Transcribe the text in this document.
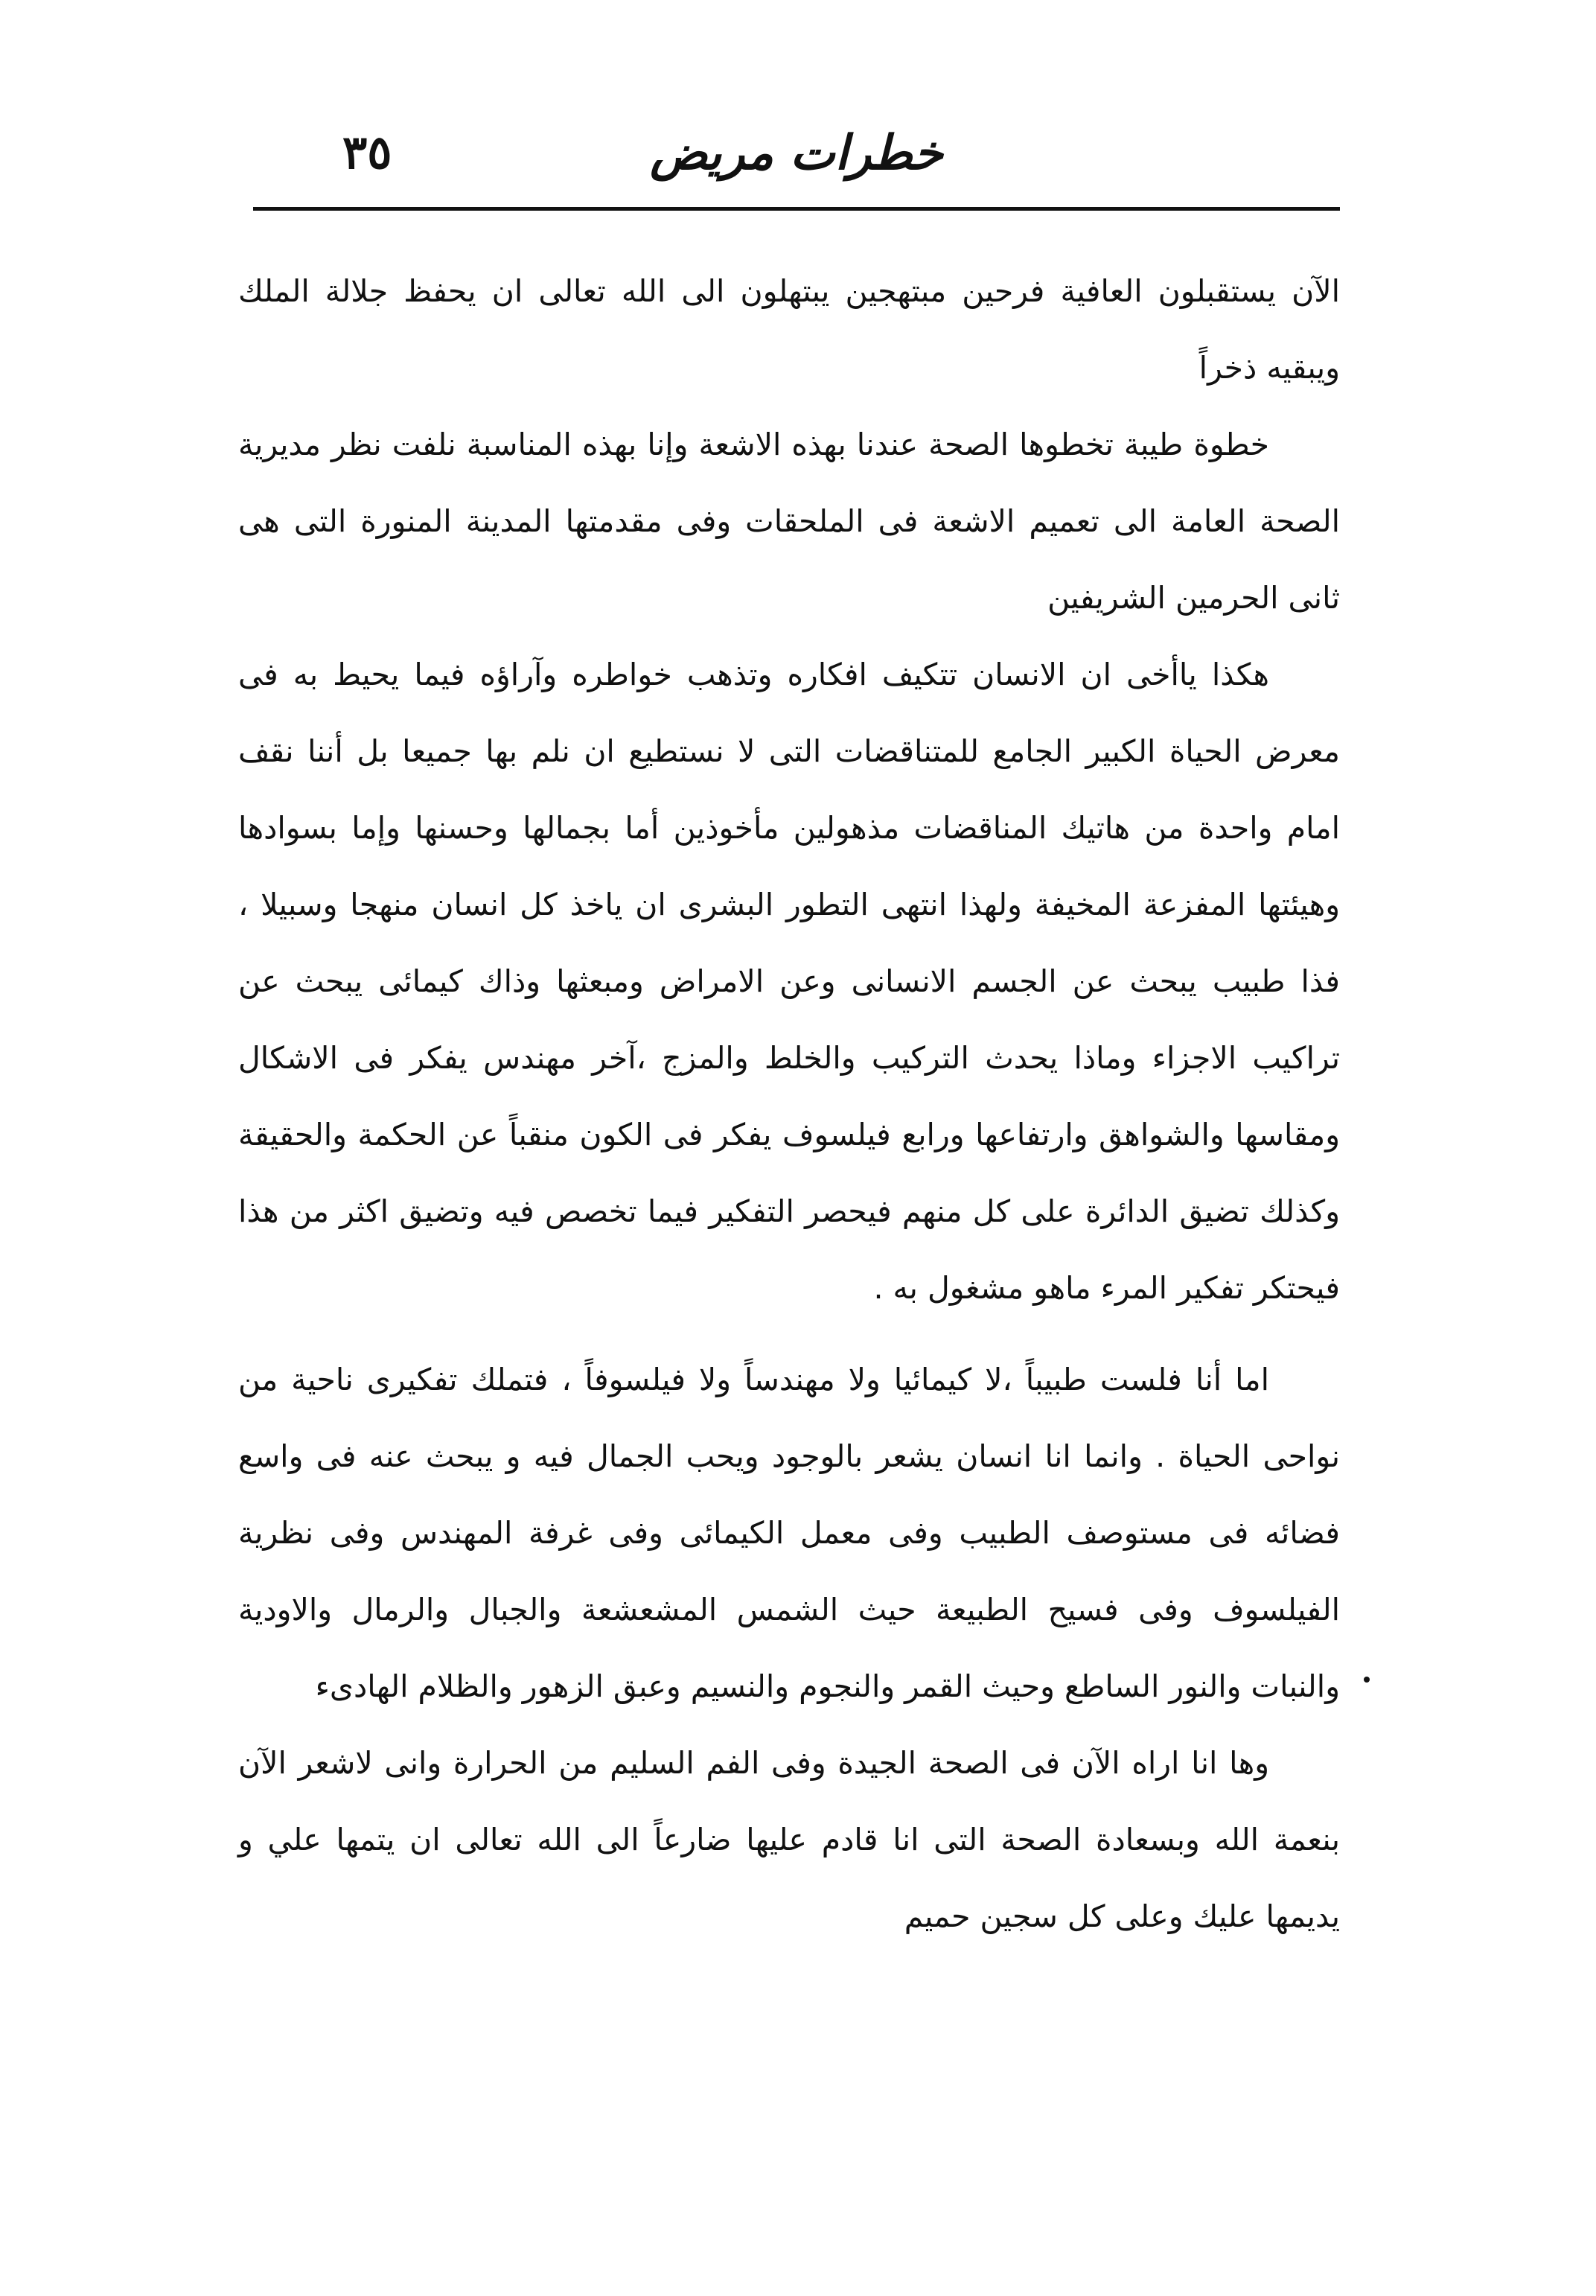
خطرات مريض
٣٥

الآن يستقبلون العافية فرحين مبتهجين يبتهلون الى الله تعالى ان يحفظ جلالة الملك ويبقيه ذخراً

خطوة طيبة تخطوها الصحة عندنا بهذه الاشعة وإنا بهذه المناسبة نلفت نظر مديرية الصحة العامة الى تعميم الاشعة فى الملحقات وفى مقدمتها المدينة المنورة التى هى ثانى الحرمين الشريفين

هكذا ياأخى ان الانسان تتكيف افكاره وتذهب خواطره وآراؤه فيما يحيط به فى معرض الحياة الكبير الجامع للمتناقضات التى لا نستطيع ان نلم بها جميعا بل أننا نقف امام واحدة من هاتيك المناقضات مذهولين مأخوذين أما بجمالها وحسنها وإما بسوادها وهيئتها المفزعة المخيفة ولهذا انتهى التطور البشرى ان ياخذ كل انسان منهجا وسبيلا ، فذا طبيب يبحث عن الجسم الانسانى وعن الامراض ومبعثها وذاك كيمائى يبحث عن تراكيب الاجزاء وماذا يحدث التركيب والخلط والمزج ،آخر مهندس يفكر فى الاشكال ومقاسها والشواهق وارتفاعها ورابع فيلسوف يفكر فى الكون منقباً عن الحكمة والحقيقة وكذلك تضيق الدائرة على كل منهم فيحصر التفكير فيما تخصص فيه وتضيق اكثر من هذا فيحتكر تفكير المرء ماهو مشغول به .

اما أنا فلست طبيباً ،لا كيمائيا ولا مهندساً ولا فيلسوفاً ، فتملك تفكيرى ناحية من نواحى الحياة . وانما انا انسان يشعر بالوجود ويحب الجمال فيه و يبحث عنه فى واسع فضائه فى مستوصف الطبيب وفى معمل الكيمائى وفى غرفة المهندس وفى نظرية الفيلسوف وفى فسيح الطبيعة حيث الشمس المشعشعة والجبال والرمال والاودية والنبات والنور الساطع وحيث القمر والنجوم والنسيم وعبق الزهور والظلام الهادىء

وها انا اراه الآن فى الصحة الجيدة وفى الفم السليم من الحرارة وانى لاشعر الآن بنعمة الله وبسعادة الصحة التى انا قادم عليها ضارعاً الى الله تعالى ان يتمها علي و يديمها عليك وعلى كل سجين حميم
